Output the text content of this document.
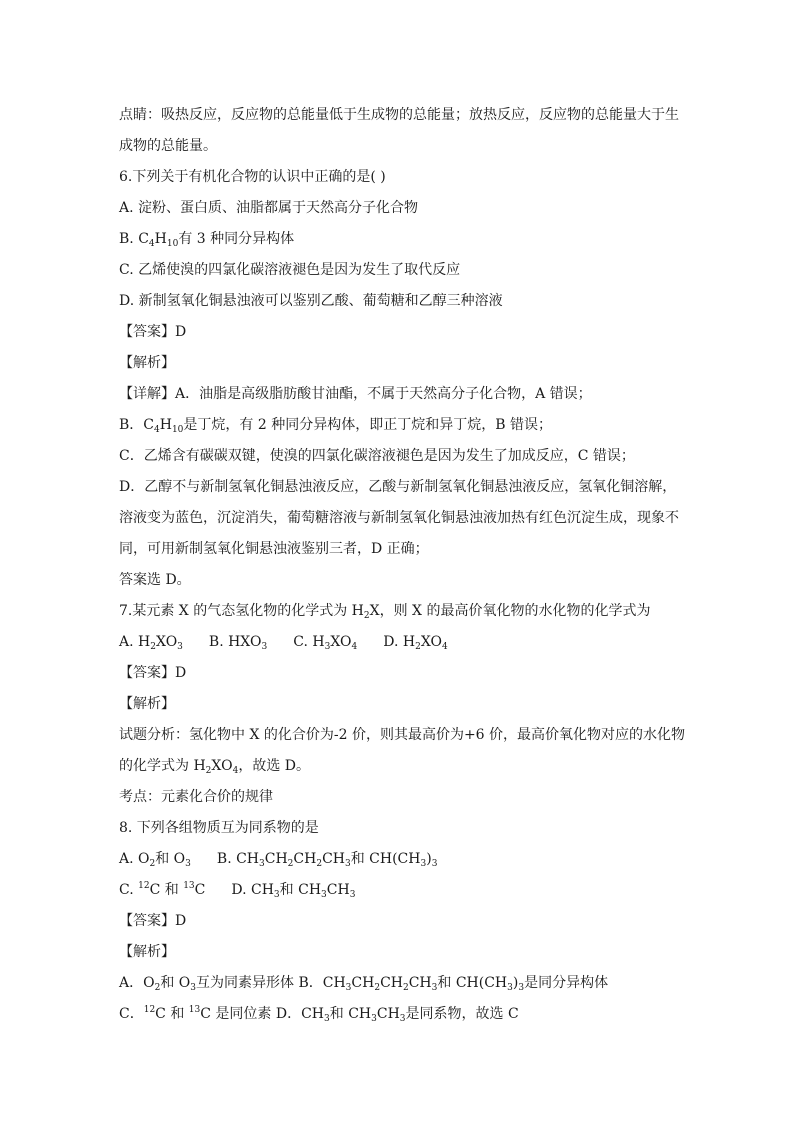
点睛：吸热反应，反应物的总能量低于生成物的总能量；放热反应，反应物的总能量大于生
成物的总能量。
6.下列关于有机化合物的认识中正确的是( )
A. 淀粉、蛋白质、油脂都属于天然高分子化合物
B. $C_4H_{10}$有 3 种同分异构体
C. 乙烯使溴的四氯化碳溶液褪色是因为发生了取代反应
D. 新制氢氧化铜悬浊液可以鉴别乙酸、葡萄糖和乙醇三种溶液
【答案】D
【解析】
【详解】A．油脂是高级脂肪酸甘油酯，不属于天然高分子化合物，A 错误；
B．$C_4H_{10}$是丁烷，有 2 种同分异构体，即正丁烷和异丁烷，B 错误；
C．乙烯含有碳碳双键，使溴的四氯化碳溶液褪色是因为发生了加成反应，C 错误；
D．乙醇不与新制氢氧化铜悬浊液反应，乙酸与新制氢氧化铜悬浊液反应，氢氧化铜溶解，
溶液变为蓝色，沉淀消失，葡萄糖溶液与新制氢氧化铜悬浊液加热有红色沉淀生成，现象不
同，可用新制氢氧化铜悬浊液鉴别三者，D 正确；
答案选 D。
7.某元素 X 的气态氢化物的化学式为 $H_2X$，则 X 的最高价氧化物的水化物的化学式为
A. $H_2XO_3$ B. $HXO_3$ C. $H_3XO_4$ D. $H_2XO_4$
【答案】D
【解析】
试题分析：氢化物中 X 的化合价为-2 价，则其最高价为+6 价，最高价氧化物对应的水化物
的化学式为 $H_2XO_4$，故选 D。
考点：元素化合价的规律
8. 下列各组物质互为同系物的是
A. $O_2$和 $O_3$ B. $CH_3CH_2CH_2CH_3$和 $CH(CH_3)_3$
C. $^{12}$C 和 $^{13}$C D. $CH_3$和 $CH_3CH_3$
【答案】D
【解析】
A．$O_2$和 $O_3$互为同素异形体 B．$CH_3CH_2CH_2CH_3$和 $CH(CH_3)_3$是同分异构体
C．$^{12}$C 和 $^{13}$C 是同位素 D．$CH_3$和 $CH_3CH_3$是同系物，故选 C
